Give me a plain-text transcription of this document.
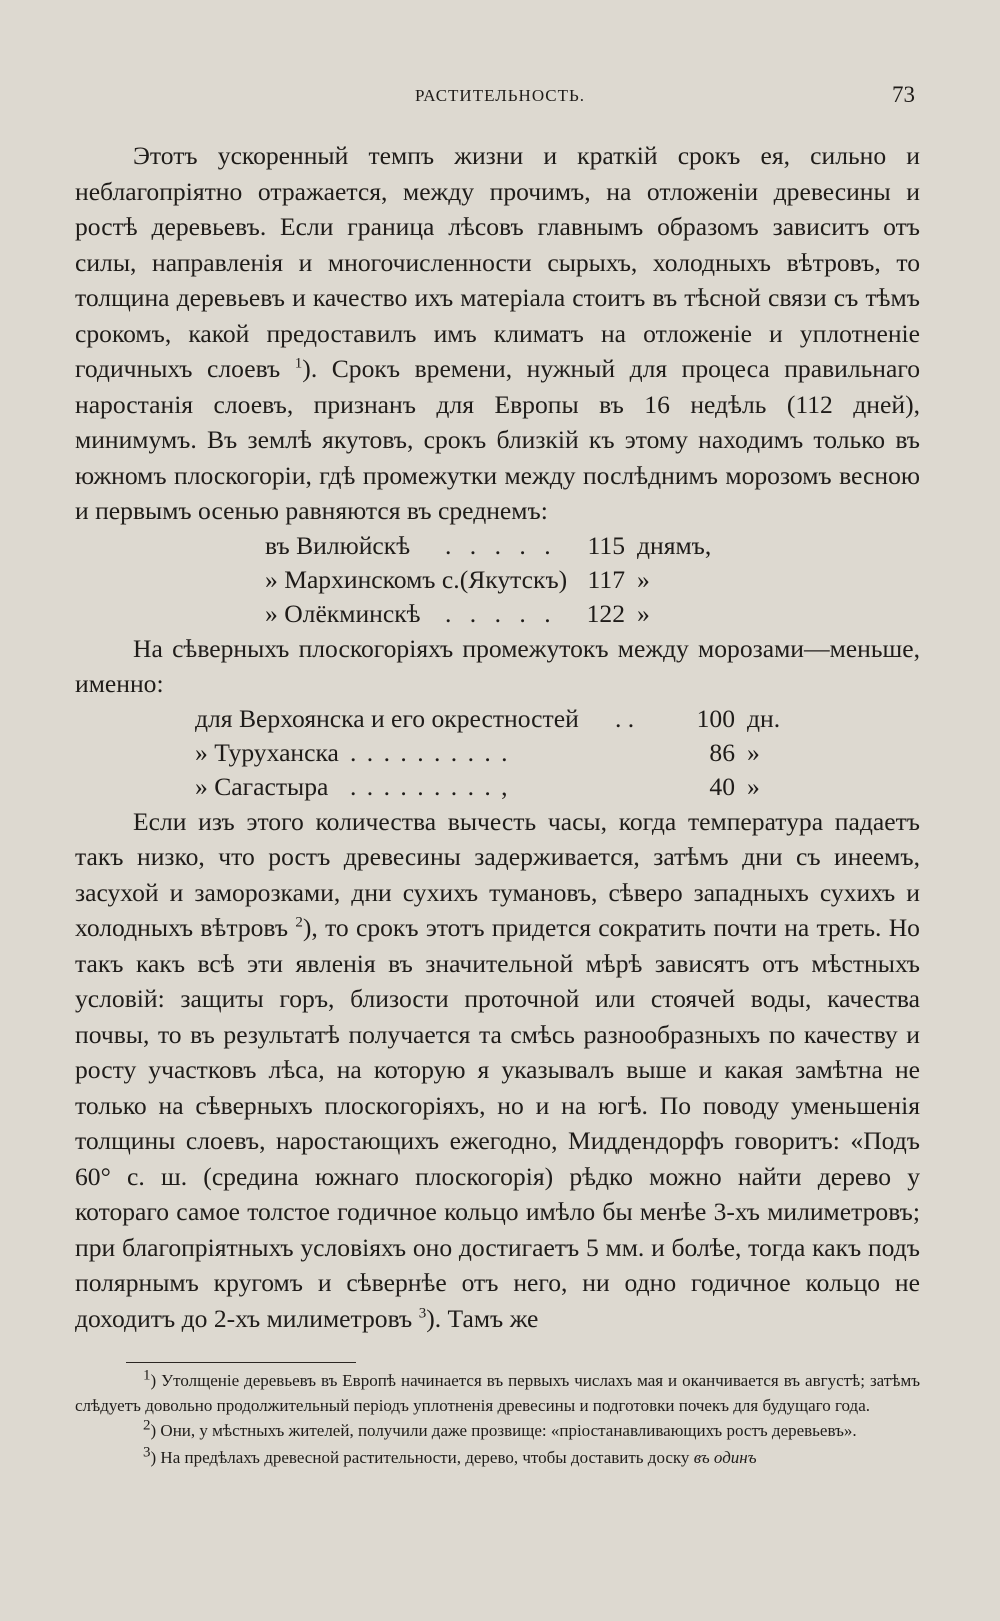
РАСТИТЕЛЬНОСТЬ.	73

Этотъ ускоренный темпъ жизни и краткій срокъ ея, сильно и неблагопріятно отражается, между прочимъ, на отложеніи древесины и ростѣ деревьевъ. Если граница лѣсовъ главнымъ образомъ зависитъ отъ силы, направленія и многочисленности сырыхъ, холодныхъ вѣтровъ, то толщина деревьевъ и качество ихъ матеріала стоитъ въ тѣсной связи съ тѣмъ срокомъ, какой предоставилъ имъ климатъ на отложеніе и уплотненіе годичныхъ слоевъ $^1$). Срокъ времени, нужный для процеса правильнаго наростанія слоевъ, признанъ для Европы въ 16 недѣль (112 дней), минимумъ. Въ землѣ якутовъ, срокъ близкій къ этому находимъ только въ южномъ плоскогоріи, гдѣ промежутки между послѣднимъ морозомъ весною и первымъ осенью равняются въ среднемъ:

въ Вилюйскѣ . . . . . 115 днямъ,
» Мархинскомъ с.(Якутскъ) 117 »
» Олёкминскѣ . . . . . 122 »

На сѣверныхъ плоскогоріяхъ промежутокъ между морозами—меньше, именно:

для Верхоянска и его окрестностей . . 100 дн.
» Туруханска . . . . . . . . . .	86 »
» Сагастыра . . . . . . . . . ,	40 »

Если изъ этого количества вычесть часы, когда температура падаетъ такъ низко, что ростъ древесины задерживается, затѣмъ дни съ инеемъ, засухой и заморозками, дни сухихъ тумановъ, сѣверо западныхъ сухихъ и холодныхъ вѣтровъ $^2$), то срокъ этотъ придется сократить почти на треть. Но такъ какъ всѣ эти явленія въ значительной мѣрѣ зависятъ отъ мѣстныхъ условій: защиты горъ, близости проточной или стоячей воды, качества почвы, то въ результатѣ получается та смѣсь разнообразныхъ по качеству и росту участковъ лѣса, на которую я указывалъ выше и какая замѣтна не только на сѣверныхъ плоскогоріяхъ, но и на югѣ. По поводу уменьшенія толщины слоевъ, наростающихъ ежегодно, Миддендорфъ говоритъ: «Подъ 60° с. ш. (средина южнаго плоскогорія) рѣдко можно найти дерево у котораго самое толстое годичное кольцо имѣло бы менѣе 3-хъ милиметровъ; при благопріятныхъ условіяхъ оно достигаетъ 5 мм. и болѣе, тогда какъ подъ полярнымъ кругомъ и сѣвернѣе отъ него, ни одно годичное кольцо не доходитъ до 2-хъ милиметровъ $^3$). Тамъ же

$^1$) Утолщеніе деревьевъ въ Европѣ начинается въ первыхъ числахъ мая и оканчивается въ августѣ; затѣмъ слѣдуетъ довольно продолжительный періодъ уплотненія древесины и подготовки почекъ для будущаго года.

$^2$) Они, у мѣстныхъ жителей, получили даже прозвище: «пріостанавливающихъ ростъ деревьевъ».

$^3$) На предѣлахъ древесной растительности, дерево, чтобы доставить доску въ одинъ
